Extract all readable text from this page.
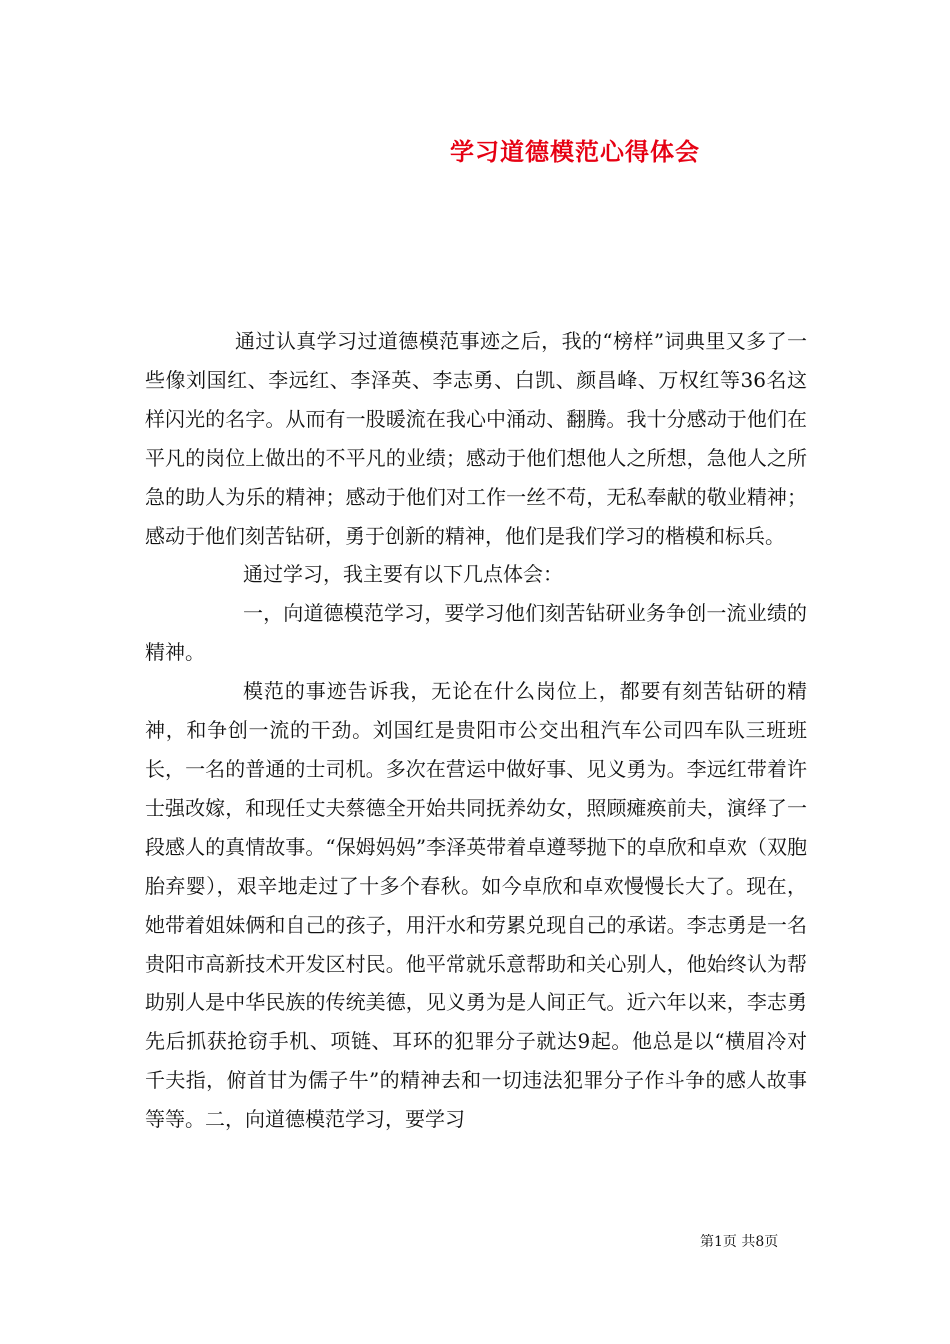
学习道德模范心得体会

通过认真学习过道德模范事迹之后，我的“榜样”词典里又多了一些像刘国红、李远红、李泽英、李志勇、白凯、颜昌峰、万权红等36名这样闪光的名字。从而有一股暖流在我心中涌动、翻腾。我十分感动于他们在平凡的岗位上做出的不平凡的业绩；感动于他们想他人之所想，急他人之所急的助人为乐的精神；感动于他们对工作一丝不苟，无私奉献的敬业精神；感动于他们刻苦钻研，勇于创新的精神，他们是我们学习的楷模和标兵。

通过学习，我主要有以下几点体会：

一，向道德模范学习，要学习他们刻苦钻研业务争创一流业绩的精神。

模范的事迹告诉我，无论在什么岗位上，都要有刻苦钻研的精神，和争创一流的干劲。刘国红是贵阳市公交出租汽车公司四车队三班班长，一名的普通的士司机。多次在营运中做好事、见义勇为。李远红带着许士强改嫁，和现任丈夫蔡德全开始共同抚养幼女，照顾瘫痪前夫，演绎了一段感人的真情故事。“保姆妈妈”李泽英带着卓遵琴抛下的卓欣和卓欢（双胞胎弃婴），艰辛地走过了十多个春秋。如今卓欣和卓欢慢慢长大了。现在，她带着姐妹俩和自己的孩子，用汗水和劳累兑现自己的承诺。李志勇是一名贵阳市高新技术开发区村民。他平常就乐意帮助和关心别人，他始终认为帮助别人是中华民族的传统美德，见义勇为是人间正气。近六年以来，李志勇先后抓获抢窃手机、项链、耳环的犯罪分子就达9起。他总是以“横眉冷对千夫指，俯首甘为儒子牛”的精神去和一切违法犯罪分子作斗争的感人故事等等。二，向道德模范学习，要学习

第1页 共8页
